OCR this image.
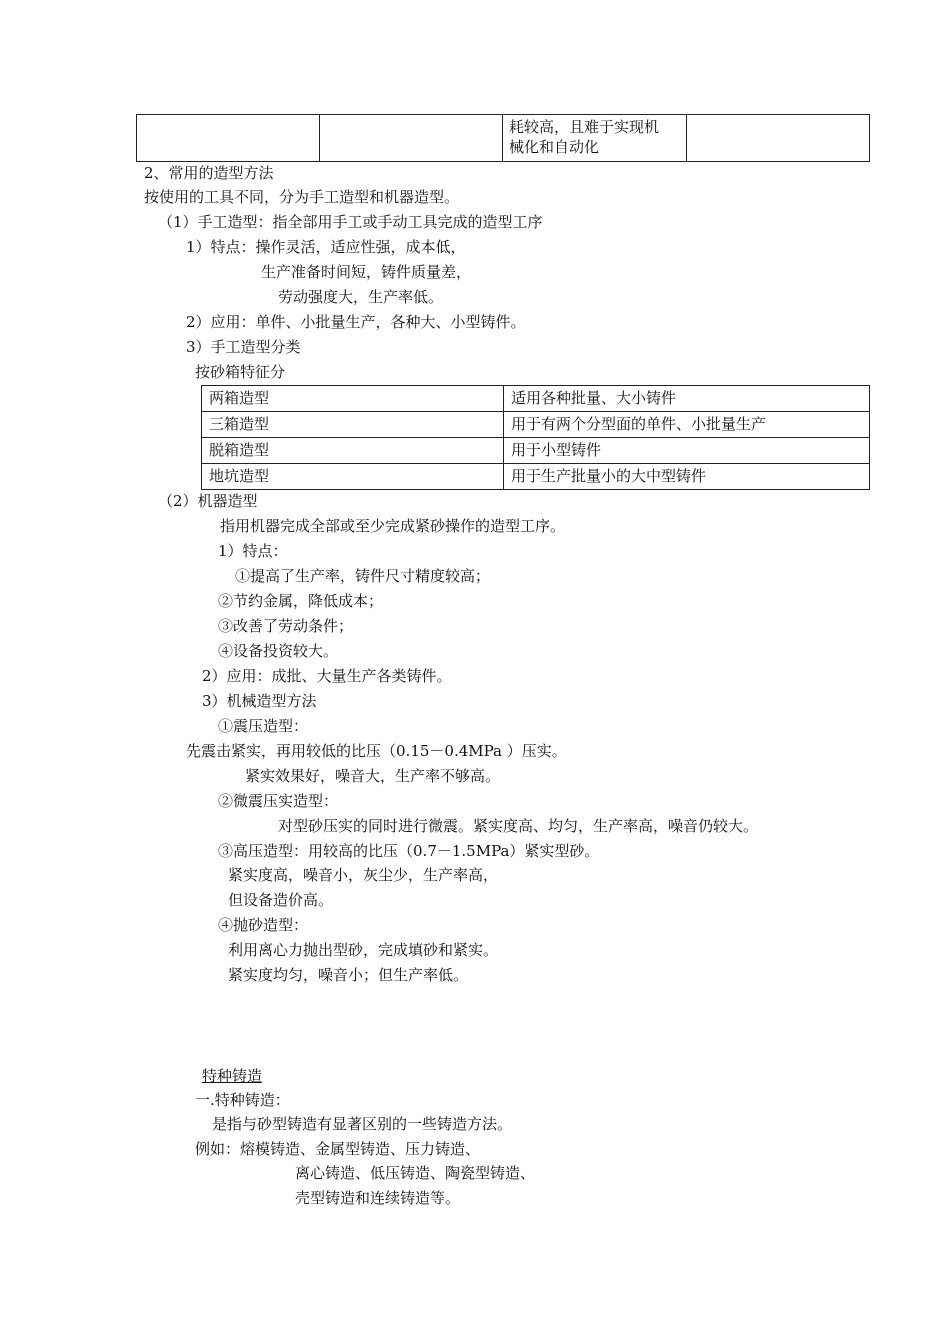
耗较高，且难于实现机
械化和自动化

2、常用的造型方法
按使用的工具不同，分为手工造型和机器造型。
（1）手工造型：指全部用手工或手动工具完成的造型工序
1）特点：操作灵活，适应性强，成本低，
生产准备时间短，铸件质量差，
劳动强度大，生产率低。
2）应用：单件、小批量生产，各种大、小型铸件。
3）手工造型分类
按砂箱特征分
两箱造型	适用各种批量、大小铸件
三箱造型	用于有两个分型面的单件、小批量生产
脱箱造型	用于小型铸件
地坑造型	用于生产批量小的大中型铸件
（2）机器造型
指用机器完成全部或至少完成紧砂操作的造型工序。
1）特点：
①提高了生产率，铸件尺寸精度较高；
②节约金属，降低成本；
③改善了劳动条件；
④设备投资较大。
2）应用：成批、大量生产各类铸件。
3）机械造型方法
①震压造型：
先震击紧实，再用较低的比压（0.15－0.4MPa ）压实。
紧实效果好，噪音大，生产率不够高。
②微震压实造型：
对型砂压实的同时进行微震。紧实度高、均匀，生产率高，噪音仍较大。
③高压造型：用较高的比压（0.7－1.5MPa）紧实型砂。
紧实度高，噪音小，灰尘少，生产率高，
但设备造价高。
④抛砂造型：
利用离心力抛出型砂，完成填砂和紧实。
紧实度均匀，噪音小；但生产率低。
特种铸造
一.特种铸造：
是指与砂型铸造有显著区别的一些铸造方法。
例如：熔模铸造、金属型铸造、压力铸造、
离心铸造、低压铸造、陶瓷型铸造、
壳型铸造和连续铸造等。
